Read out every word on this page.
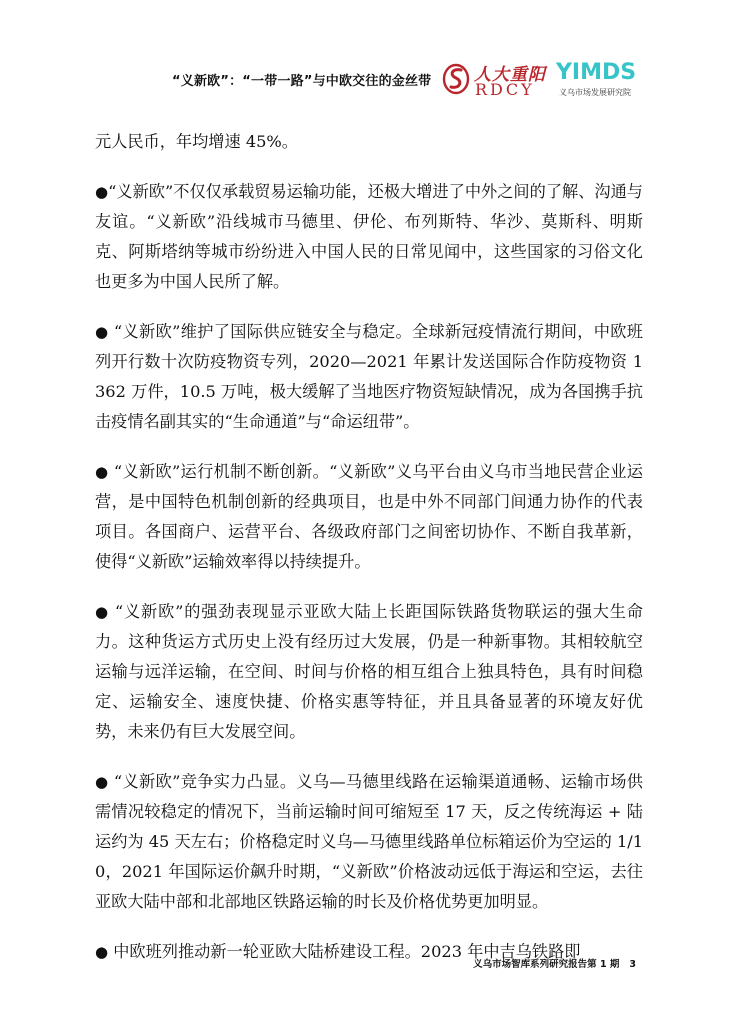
“义新欧”：“一带一路”与中欧交往的金丝带	人大重阳
RDCY
YIMDS
义乌市场发展研究院

元人民币，年均增速 45%。

●“义新欧”不仅仅承载贸易运输功能，还极大增进了中外之间的了解、沟通与友谊。“义新欧”沿线城市马德里、伊伦、布列斯特、华沙、莫斯科、明斯克、阿斯塔纳等城市纷纷进入中国人民的日常见闻中，这些国家的习俗文化也更多为中国人民所了解。

● “义新欧”维护了国际供应链安全与稳定。全球新冠疫情流行期间，中欧班列开行数十次防疫物资专列，2020—2021 年累计发送国际合作防疫物资 1362 万件，10.5 万吨，极大缓解了当地医疗物资短缺情况，成为各国携手抗击疫情名副其实的“生命通道”与“命运纽带”。

● “义新欧”运行机制不断创新。“义新欧”义乌平台由义乌市当地民营企业运营，是中国特色机制创新的经典项目，也是中外不同部门间通力协作的代表项目。各国商户、运营平台、各级政府部门之间密切协作、不断自我革新，使得“义新欧”运输效率得以持续提升。

● “义新欧”的强劲表现显示亚欧大陆上长距国际铁路货物联运的强大生命力。这种货运方式历史上没有经历过大发展，仍是一种新事物。其相较航空运输与远洋运输，在空间、时间与价格的相互组合上独具特色，具有时间稳定、运输安全、速度快捷、价格实惠等特征，并且具备显著的环境友好优势，未来仍有巨大发展空间。

● “义新欧”竞争实力凸显。义乌—马德里线路在运输渠道通畅、运输市场供需情况较稳定的情况下，当前运输时间可缩短至 17 天，反之传统海运 + 陆运约为 45 天左右；价格稳定时义乌—马德里线路单位标箱运价为空运的 1/10，2021 年国际运价飙升时期，“义新欧”价格波动远低于海运和空运，去往亚欧大陆中部和北部地区铁路运输的时长及价格优势更加明显。

● 中欧班列推动新一轮亚欧大陆桥建设工程。2023 年中吉乌铁路即

义乌市场智库系列研究报告第 1 期 3
